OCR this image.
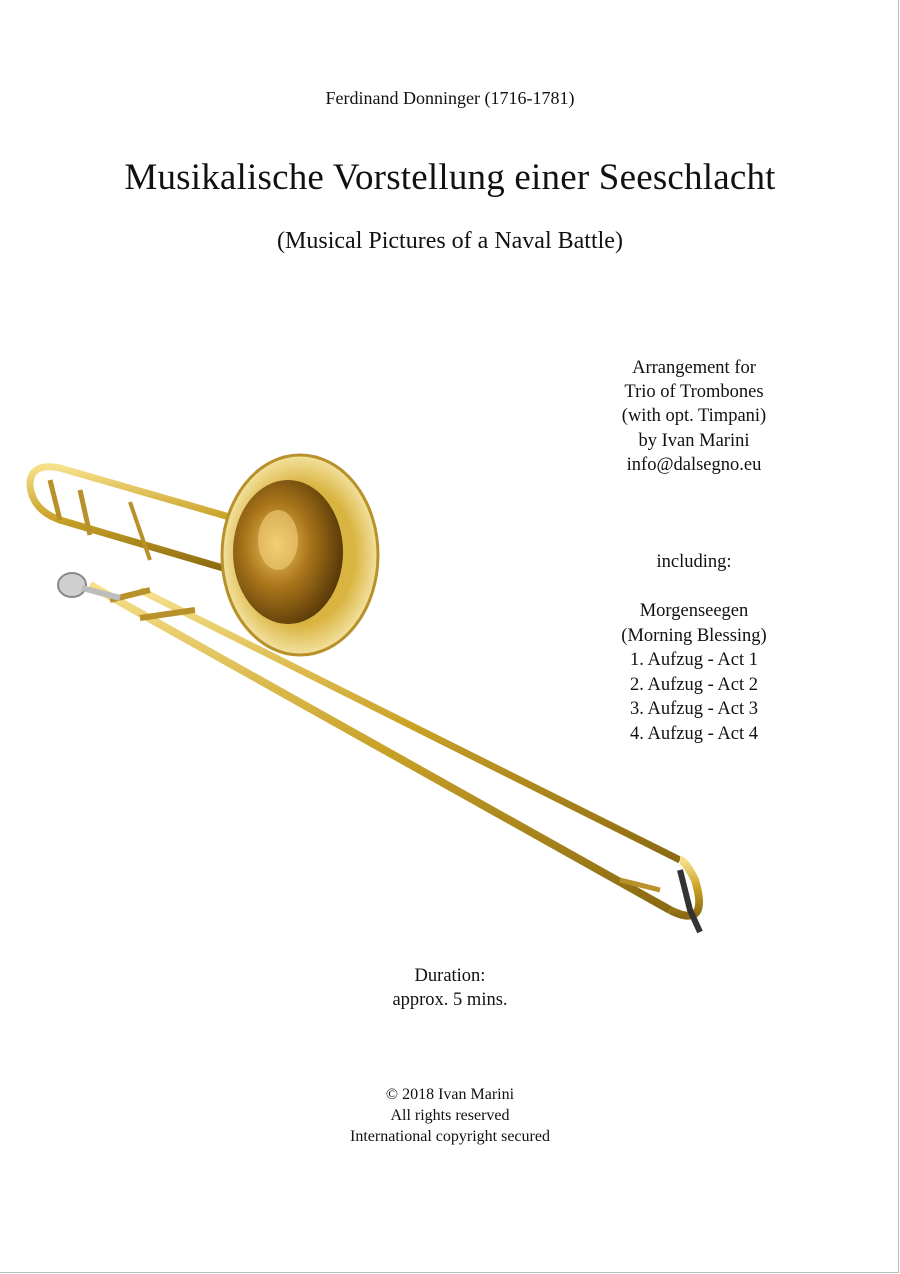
Ferdinand Donninger (1716-1781)
Musikalische Vorstellung einer Seeschlacht
(Musical Pictures of a Naval Battle)
Arrangement for
Trio of Trombones
(with opt. Timpani)
by Ivan Marini
info@dalsegno.eu
including:
Morgenseegen
(Morning Blessing)
1. Aufzug - Act 1
2. Aufzug - Act 2
3. Aufzug - Act 3
4. Aufzug - Act 4
Duration:
approx. 5 mins.
© 2018 Ivan Marini
All rights reserved
International copyright secured
